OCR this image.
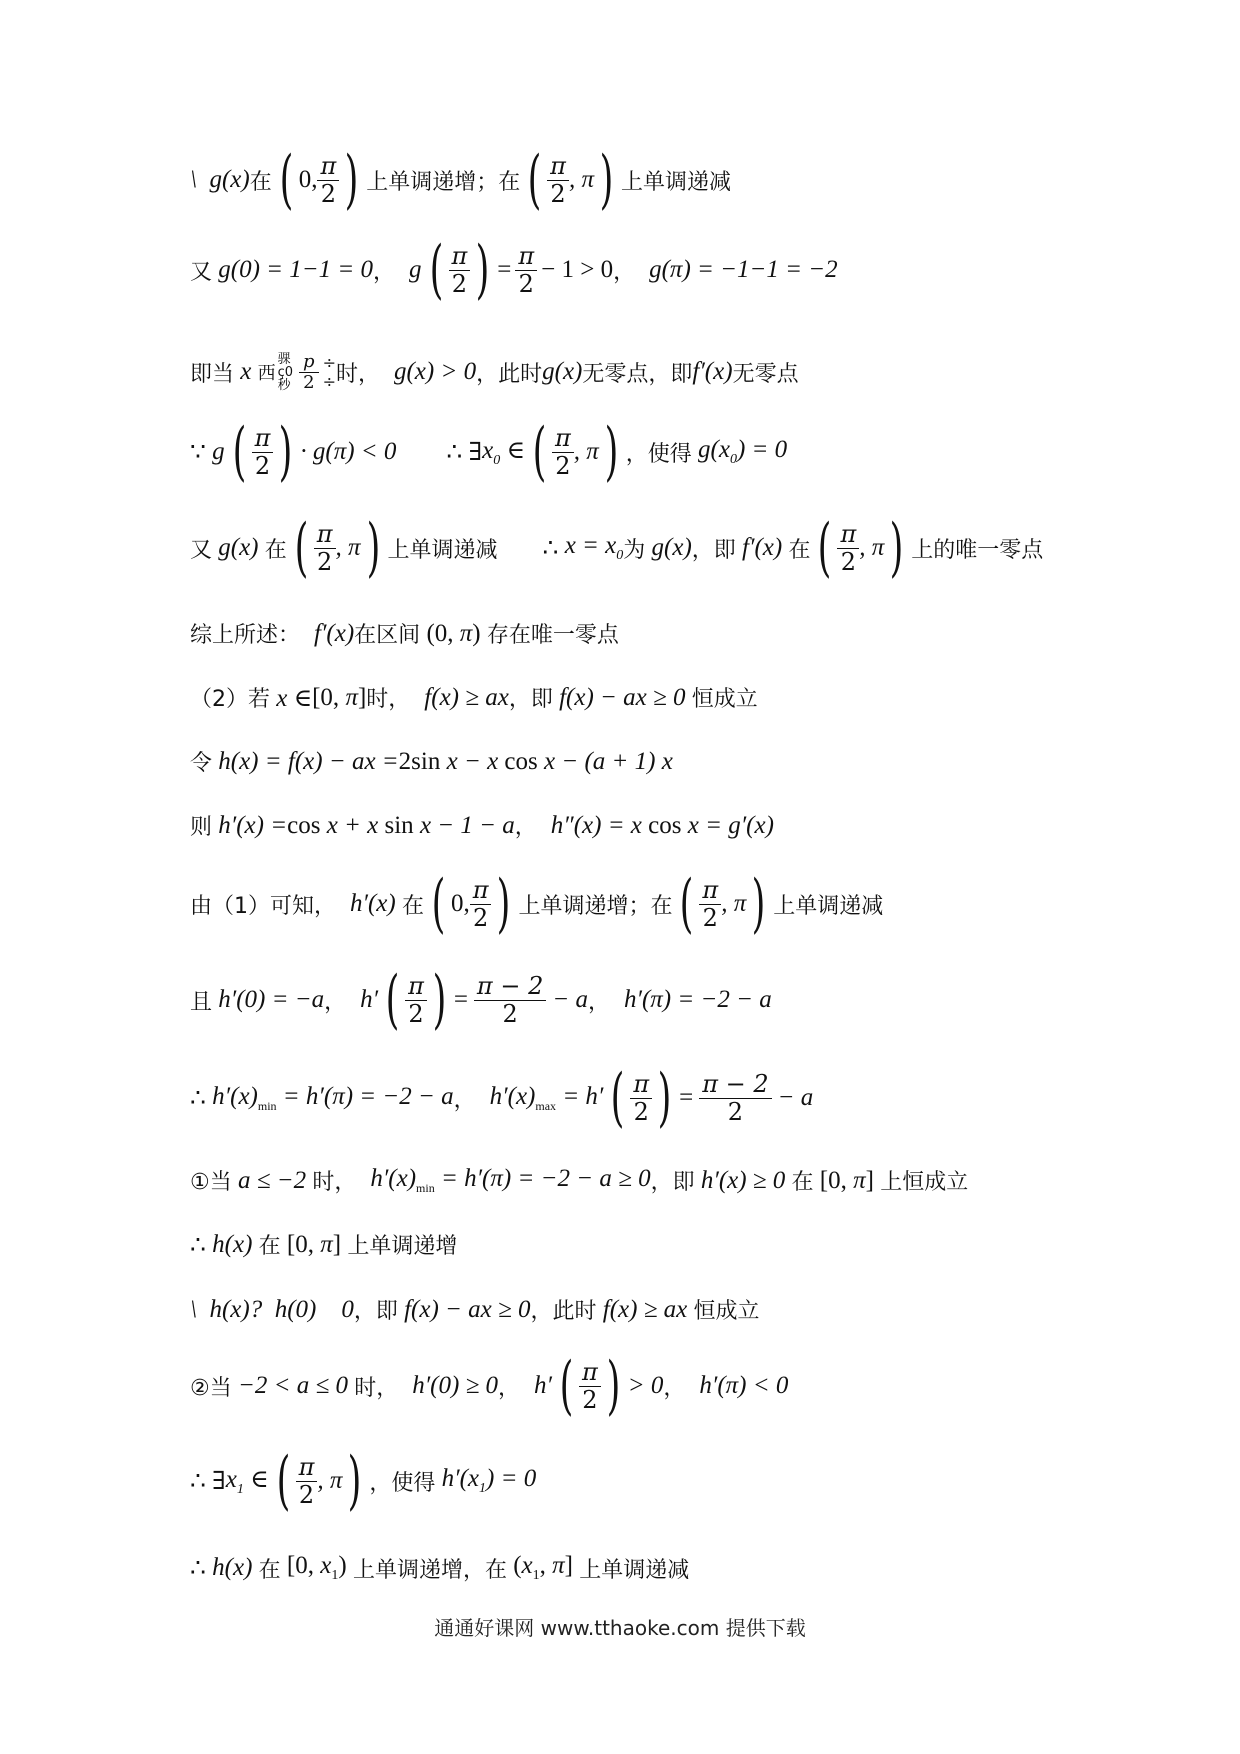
\  g(x) 在 ( 0, $\frac{\pi}{2}$ ) 上单调递增；在 ( $\frac{\pi}{2}$ , π ) 上单调递减
又 g(0) = 1−1 = 0 ， g ( $\frac{\pi}{2}$ ) = $\frac{\pi}{2} - 1 > 0$ ， g(π) = −1−1 = −2
即当 x 西
骒
ç0
秒 $\frac{p}{2}$ ÷
÷ 时， g(x) > 0 ，此时 g(x) 无零点，即 f′(x) 无零点
∵ g ( $\frac{\pi}{2}$ ) · g(π) < 0 ∴ ∃ $x_0$ ∈ ( $\frac{\pi}{2}$ , π ) ，使得 $g(x_0) = 0$
又 g(x) 在 ( $\frac{\pi}{2}$ , π ) 上单调递减 ∴ $x = x_0$ 为 g(x) ，即 f′(x) 在 ( $\frac{\pi}{2}$ , π ) 上的唯一零点
综上所述： f′(x) 在区间 (0, π) 存在唯一零点
（2）若 x ∈ [0, π] 时， f(x) ≥ ax ，即 f(x) − ax ≥ 0 恒成立
令 h(x) = f(x) − ax = 2sin x − x cos x − (a + 1) x
则 h′(x) = cos x + x sin x − 1 − a ， h″(x) = x cos x = g′(x)
由（1）可知， h′(x) 在 ( 0, $\frac{\pi}{2}$ ) 上单调递增；在 ( $\frac{\pi}{2}$ , π ) 上单调递减
且 h′(0) = −a ， h′ ( $\frac{\pi}{2}$ ) = $\frac{\pi - 2}{2} - a$ ， h′(π) = −2 − a
∴ $h'(x)_{min} = h'(\pi) = -2 - a$ ， $h'(x)_{max} = h'$ ( $\frac{\pi}{2}$ ) = $\frac{\pi - 2}{2} - a$
①当 a ≤ −2 时， $h'(x)_{min} = h'(\pi) = -2 - a \ge 0$ ，即 h′(x) ≥ 0 在 [0, π] 上恒成立
∴ h(x) 在 [0, π] 上单调递增
\  h(x)?  h(0)    0 ，即 f(x) − ax ≥ 0 ，此时 f(x) ≥ ax 恒成立
②当 −2 < a ≤ 0 时， h′(0) ≥ 0 ， h′ ( $\frac{\pi}{2}$ ) > 0 ， h′(π) < 0
∴ ∃ $x_1$ ∈ ( $\frac{\pi}{2}$ , π ) ，使得 $h'(x_1) = 0$
∴ h(x) 在 [0, $x_1$) 上单调递增，在 ($x_1$, π] 上单调递减
通通好课网 www.tthaoke.com 提供下载
